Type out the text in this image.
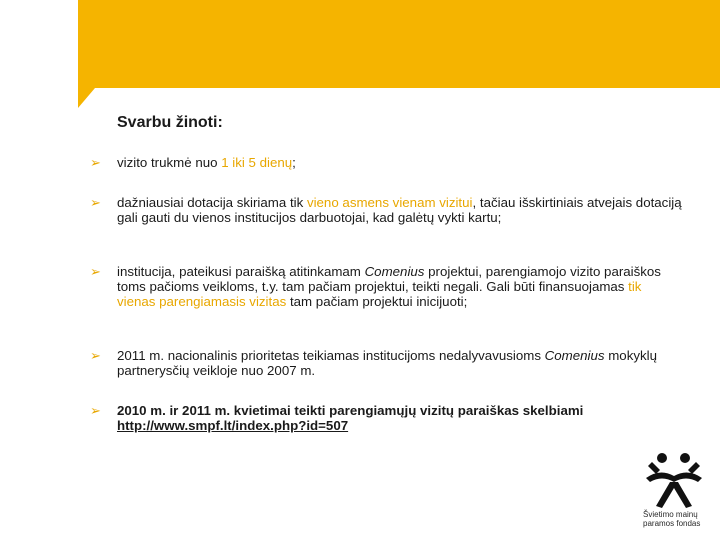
Svarbu žinoti:
➢ vizito trukmė nuo 1 iki 5 dienų;
➢ dažniausiai dotacija skiriama tik vieno asmens vienam vizitui, tačiau išskirtiniais atvejais dotaciją gali gauti du vienos institucijos darbuotojai, kad galėtų vykti kartu;
➢ institucija, pateikusi paraišką atitinkamam Comenius projektui, parengiamojo vizito paraiškos toms pačioms veikloms, t.y. tam pačiam projektui, teikti negali. Gali būti finansuojamas tik vienas parengiamasis vizitas tam pačiam projektui inicijuoti;
➢ 2011 m. nacionalinis prioritetas teikiamas institucijoms nedalyvavusioms Comenius mokyklų partnerysčių veikloje nuo 2007 m.
➢ 2010 m. ir 2011 m. kvietimai teikti parengiamųjų vizitų paraiškas skelbiami http://www.smpf.lt/index.php?id=507
Švietimo mainų
paramos fondas
